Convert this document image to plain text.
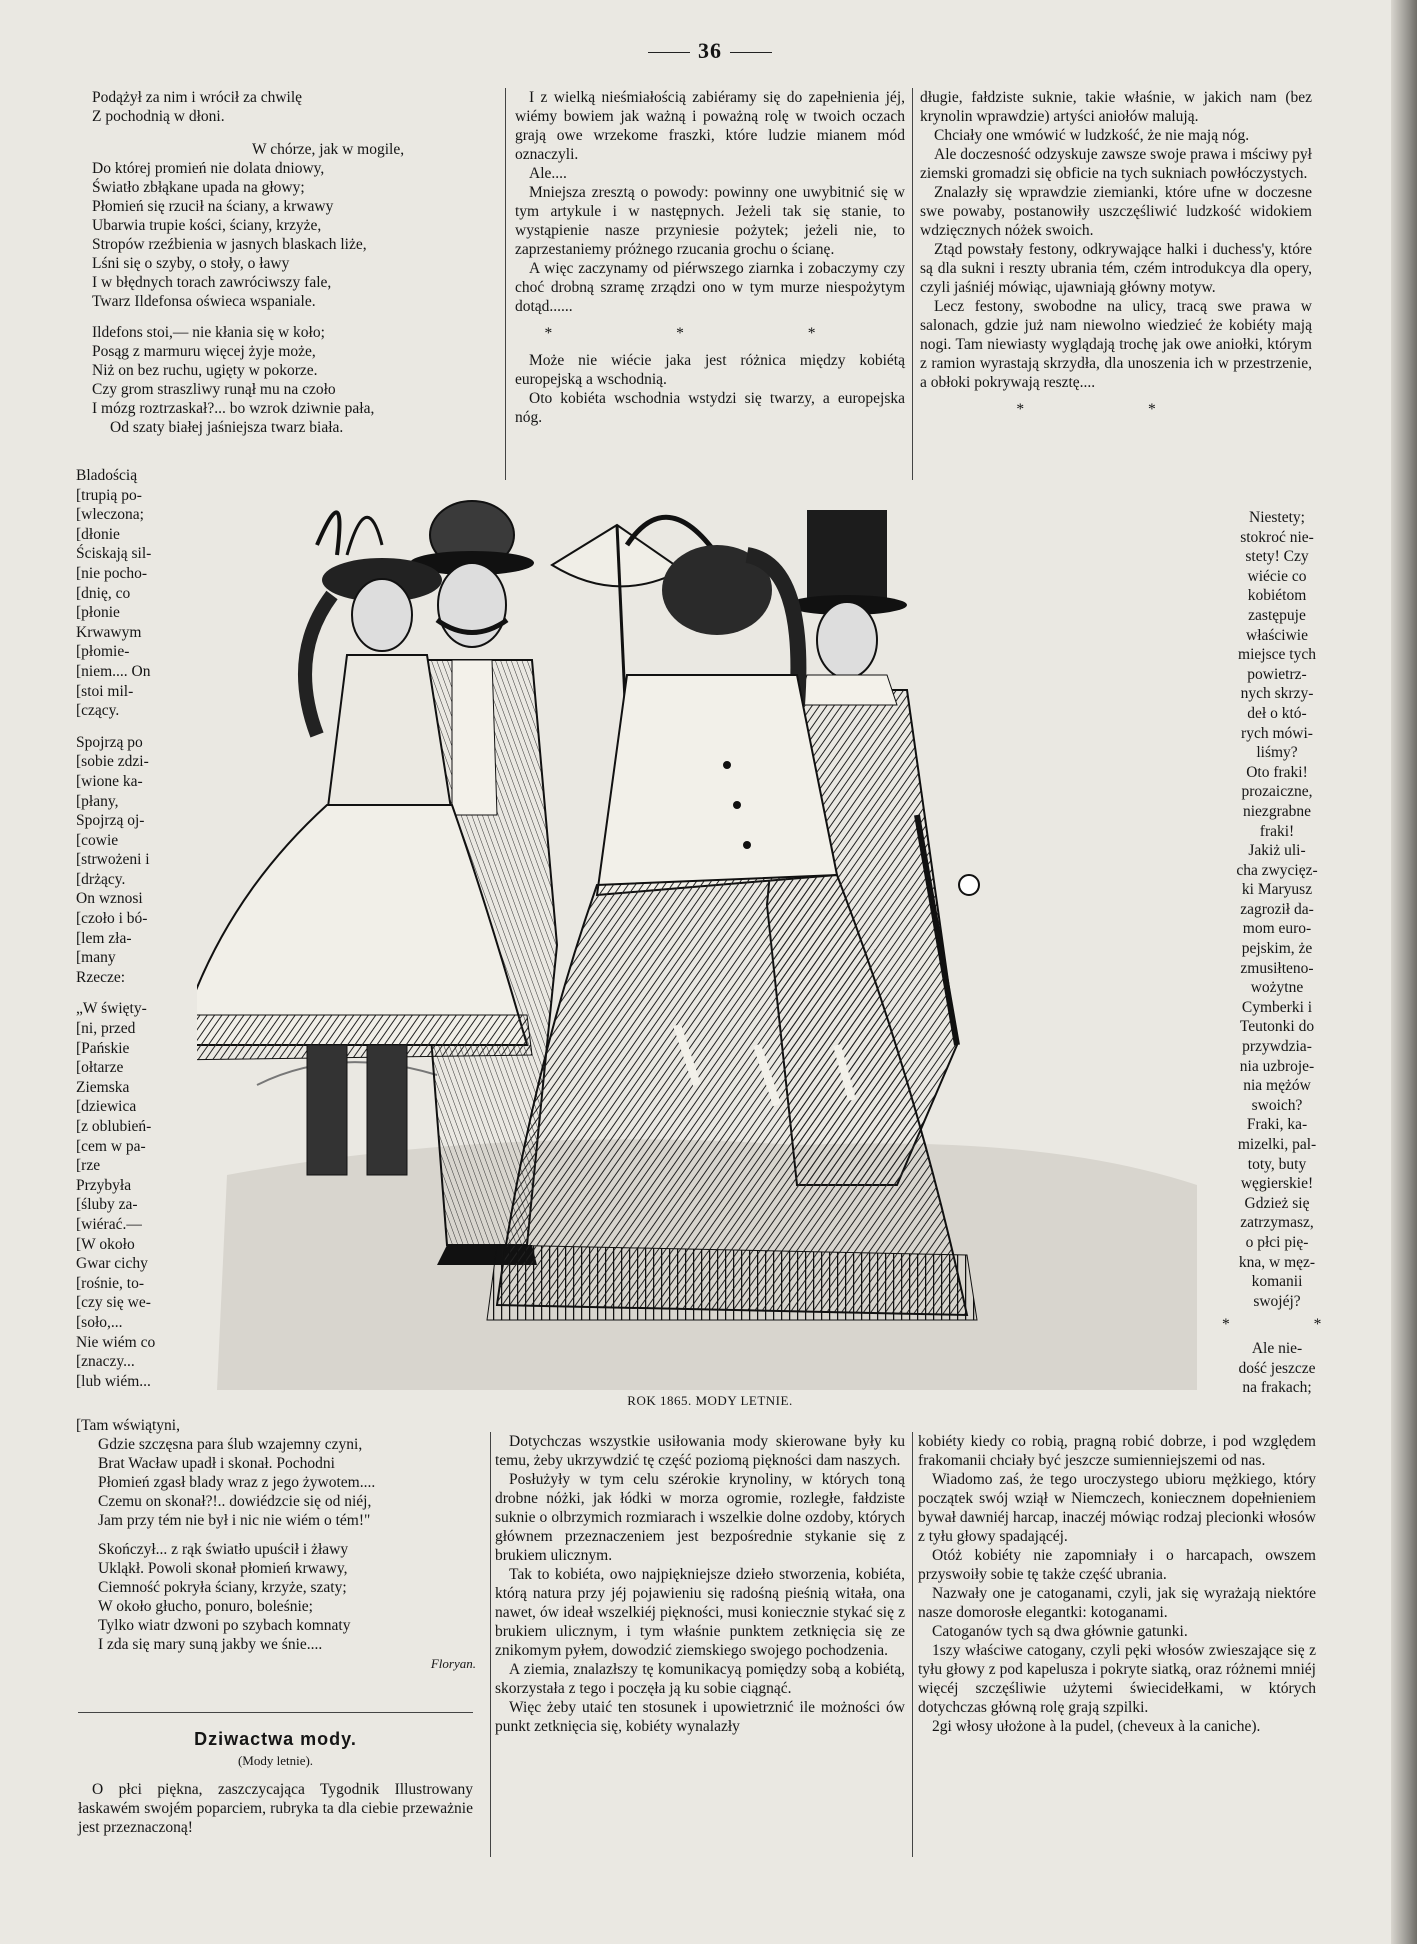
36
Podążył za nim i wrócił za chwilę
Z pochodnią w dłoni.
W chórze, jak w mogile,
Do której promień nie dolata dniowy,
Światło zbłąkane upada na głowy;
Płomień się rzucił na ściany, a krwawy
Ubarwia trupie kości, ściany, krzyże,
Stropów rzeźbienia w jasnych blaskach liże,
Lśni się o szyby, o stoły, o ławy
I w błędnych torach zawróciwszy fale,
Twarz Ildefonsa oświeca wspaniale.
Ildefons stoi,— nie kłania się w koło;
Posąg z marmuru więcej żyje może,
Niż on bez ruchu, ugięty w pokorze.
Czy grom straszliwy runął mu na czoło
I mózg roztrzaskał?... bo wzrok dziwnie pała,
Od szaty białej jaśniejsza twarz biała.
Bladością
[trupią po-
[wleczona;
[dłonie
Ściskają sil-
[nie pocho-
[dnię, co
[płonie
Krwawym
[płomie-
[niem.... On
[stoi mil-
[czący.
Spojrzą po
[sobie zdzi-
[wione ka-
[płany,
Spojrzą oj-
[cowie
[strwożeni i
[drżący.
On wznosi
[czoło i bó-
[lem zła-
[many
Rzecze:
„W święty-
[ni, przed
[Pańskie
[ołtarze
Ziemska
[dziewica
[z oblubień-
[cem w pa-
[rze
Przybyła
[śluby za-
[wiérać.—
[W około
Gwar cichy
[rośnie, to-
[czy się we-
[soło,...
Nie wiém co
[znaczy...
[lub wiém...
[Tam wświątyni,
Gdzie szczęsna para ślub wzajemny czyni,
Brat Wacław upadł i skonał. Pochodni
Płomień zgasł blady wraz z jego żywotem....
Czemu on skonał?!.. dowiédzcie się od niéj,
Jam przy tém nie był i nic nie wiém o tém!"
Skończył... z rąk światło upuścił i żławy
Ukląkł. Powoli skonał płomień krwawy,
Ciemność pokryła ściany, krzyże, szaty;
W około głucho, ponuro, boleśnie;
Tylko wiatr dzwoni po szybach komnaty
I zda się mary suną jakby we śnie....
Floryan.
Dziwactwa mody.
(Mody letnie).

O płci piękna, zaszczycająca Tygodnik Illustrowany łaskawém swojém poparciem, rubryka ta dla ciebie przeważnie jest przeznaczoną!

I z wielką nieśmiałością zabiéramy się do zapełnienia jéj, wiémy bowiem jak ważną i poważną rolę w twoich oczach grają owe wrzekome fraszki, które ludzie mianem mód oznaczyli.

Ale....

Mniejsza zresztą o powody: powinny one uwybitnić się w tym artykule i w następnych. Jeżeli tak się stanie, to wystąpienie nasze przyniesie pożytek; jeżeli nie, to zaprzestaniemy próżnego rzucania grochu o ścianę.

A więc zaczynamy od piérwszego ziarnka i zobaczymy czy choć drobną szramę zrządzi ono w tym murze niespożytym dotąd......

* * *

Może nie wiécie jaka jest różnica między kobiétą europejską a wschodnią.

Oto kobiéta wschodnia wstydzi się twarzy, a europejska nóg.

długie, fałdziste suknie, takie właśnie, w jakich nam (bez krynolin wprawdzie) artyści aniołów malują.

Chciały one wmówić w ludzkość, że nie mają nóg.

Ale doczesność odzyskuje zawsze swoje prawa i mściwy pył ziemski gromadzi się obficie na tych sukniach powłóczystych.

Znalazły się wprawdzie ziemianki, które ufne w doczesne swe powaby, postanowiły uszczęśliwić ludzkość widokiem wdzięcznych nóżek swoich.

Ztąd powstały festony, odkrywające halki i duchess'y, które są dla sukni i reszty ubrania tém, czém introdukcya dla opery, czyli jaśniéj mówiąc, ujawniają główny motyw.

Lecz festony, swobodne na ulicy, tracą swe prawa w salonach, gdzie już nam niewolno wiedzieć że kobiéty mają nogi. Tam niewiasty wyglądają trochę jak owe aniołki, którym z ramion wyrastają skrzydła, dla unoszenia ich w przestrzenie, a obłoki pokrywają resztę....

* *
Niestety;
stokroć nie-
stety! Czy
wiécie co
kobiétom
zastępuje
właściwie
miejsce tych
powietrz-
nych skrzy-
deł o któ-
rych mówi-
liśmy?
Oto fraki!
prozaiczne,
niezgrabne
fraki!
Jakiż uli-
cha zwycięz-
ki Maryusz
zagroził da-
mom euro-
pejskim, że
zmusiłteno-
wożytne
Cymberki i
Teutonki do
przywdzia-
nia uzbroje-
nia mężów
swoich?
Fraki, ka-
mizelki, pal-
toty, buty
węgierskie!
Gdzież się
zatrzymasz,
o płci pię-
kna, w męz-
komanii
swojéj?
* *
Ale nie-
dość jeszcze
na frakach;
ROK 1865. MODY LETNIE.

Dotychczas wszystkie usiłowania mody skierowane były ku temu, żeby ukrzywdzić tę część poziomą piękności dam naszych.

Posłużyły w tym celu szérokie krynoliny, w których toną drobne nóżki, jak łódki w morza ogromie, rozległe, fałdziste suknie o olbrzymich rozmiarach i wszelkie dolne ozdoby, których głównem przeznaczeniem jest bezpośrednie stykanie się z brukiem ulicznym.

Tak to kobiéta, owo najpiękniejsze dzieło stworzenia, kobiéta, którą natura przy jéj pojawieniu się radośną pieśnią witała, ona nawet, ów ideał wszelkiéj piękności, musi koniecznie stykać się z brukiem ulicznym, i tym właśnie punktem zetknięcia się ze znikomym pyłem, dowodzić ziemskiego swojego pochodzenia.

A ziemia, znalazłszy tę komunikacyą pomiędzy sobą a kobiétą, skorzystała z tego i poczęła ją ku sobie ciągnąć.

Więc żeby utaić ten stosunek i upowietrznić ile możności ów punkt zetknięcia się, kobiéty wynalazły

kobiéty kiedy co robią, pragną robić dobrze, i pod względem frakomanii chciały być jeszcze sumienniejszemi od nas.

Wiadomo zaś, że tego uroczystego ubioru mężkiego, który początek swój wziął w Niemczech, koniecznem dopełnieniem bywał dawniéj harcap, inaczéj mówiąc rodzaj plecionki włosów z tyłu głowy spadającéj.

Otóż kobiéty nie zapomniały i o harcapach, owszem przyswoiły sobie tę także część ubrania.

Nazwały one je catoganami, czyli, jak się wyrażają niektóre nasze domorosłe elegantki: kotoganami.

Catoganów tych są dwa głównie gatunki.

1szy właściwe catogany, czyli pęki włosów zwieszające się z tyłu głowy z pod kapelusza i pokryte siatką, oraz różnemi mniéj więcéj szczęśliwie użytemi świecidełkami, w których dotychczas główną rolę grają szpilki.

2gi włosy ułożone à la pudel, (cheveux à la caniche).
